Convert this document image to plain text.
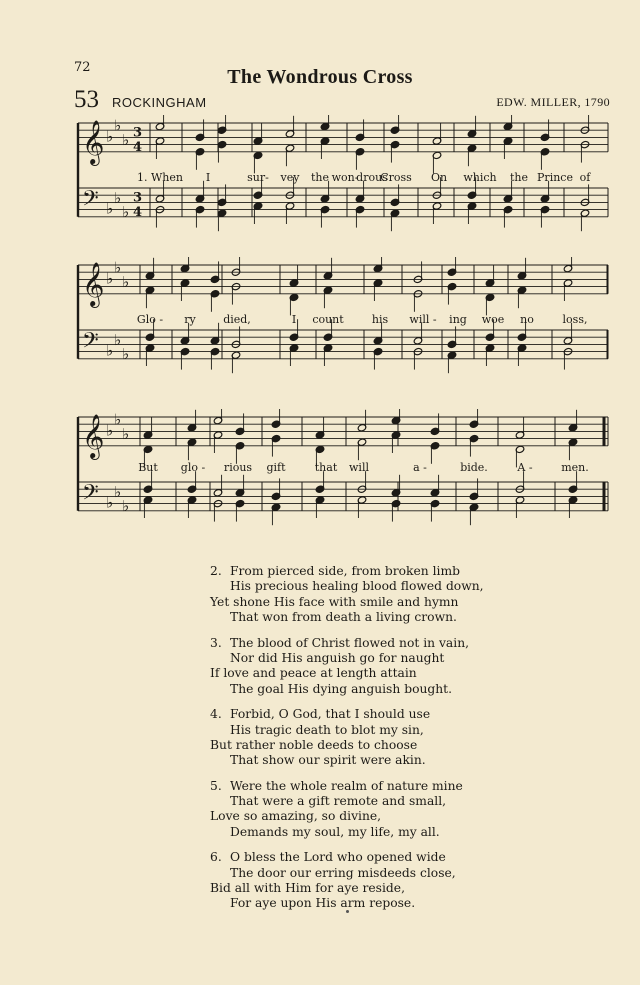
72	The Wondrous Cross
53 ROCKINGHAM	EDW. MILLER, 1790
𝄞 ♭
♭
♭ 3
4
𝄢 ♭
♭
♭
3
4
1. When I	sur- vey the won-
drous
Cross On which the Prince of
𝄞 ♭
♭
♭
𝄢 ♭
♭
♭
Glo - ry died,	I count	his will - ing woe no	loss,
𝄞 ♭
♭
♭
𝄢 ♭
♭
♭
But glo - rious gift	that will	a -	bide.	A -	men.
2. From pierced side, from broken limb
His precious healing blood flowed down,
Yet shone His face with smile and hymn
That won from death a living crown.
3. The blood of Christ flowed not in vain,
Nor did His anguish go for naught
If love and peace at length attain
The goal His dying anguish bought.
4. Forbid, O God, that I should use
His tragic death to blot my sin,
But rather noble deeds to choose
That show our spirit were akin.
5. Were the whole realm of nature mine
That were a gift remote and small,
Love so amazing, so divine,
Demands my soul, my life, my all.
6. O bless the Lord who opened wide
The door our erring misdeeds close,
Bid all with Him for aye reside,
For aye upon His arm repose.
